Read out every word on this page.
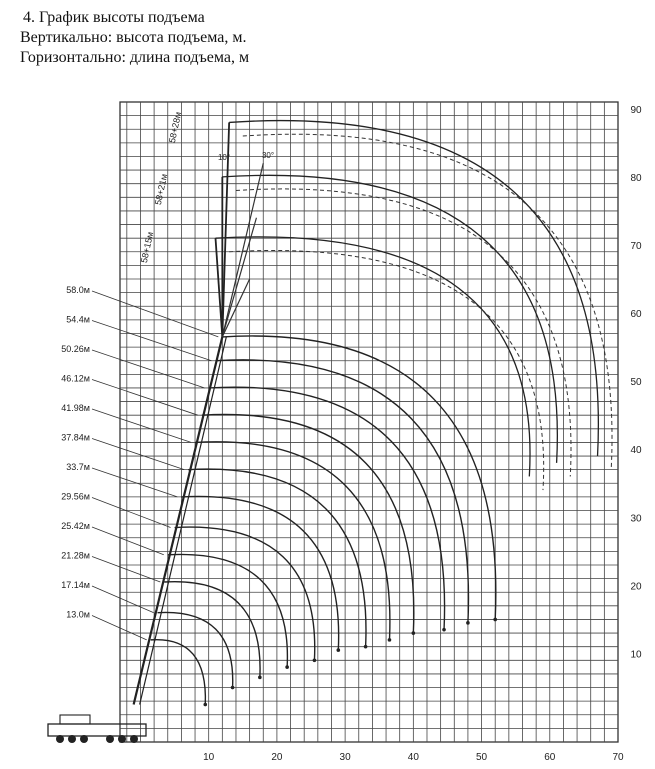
4. График высоты подъема
Вертикально: высота подъема, м.
Горизонтально: длина подъема, м
10	20	30	40	50	60	70
10
20
30
40
50
60
70
80
90
58.0м
54.4м
50.26м
46.12м
41.98м
37.84м
33.7м
29.56м
25.42м
21.28м
17.14м
13.0м
58+28м
58+21м
58+15м
30°
10°
